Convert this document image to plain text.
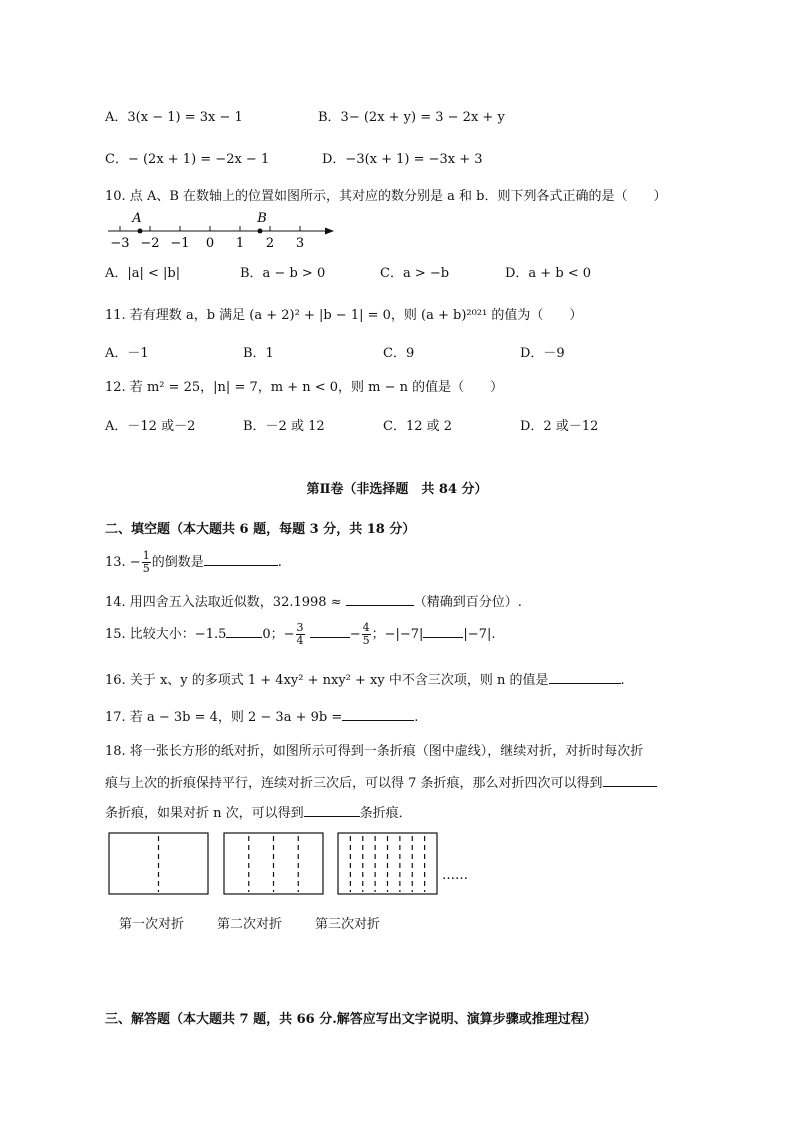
A．3(x − 1) = 3x − 1	B．3− (2x + y) = 3 − 2x + y
C．− (2x + 1) = −2x − 1	D．−3(x + 1) = −3x + 3
10. 点 A、B 在数轴上的位置如图所示，其对应的数分别是 a 和 b．则下列各式正确的是（　　）
−3 −2 −1 0 1 2 3
A	B
A．|a| < |b|	B．a − b > 0	C．a > −b	D．a + b < 0
11. 若有理数 a，b 满足 (a + 2)² + |b − 1| = 0，则 (a + b)²⁰²¹ 的值为（　　）
A．－1	B．1	C．9	D．－9
12. 若 m² = 25，|n| = 7，m + n < 0，则 m − n 的值是（　　）
A．－12 或－2	B．－2 或 12	C．12 或 2	D．2 或－12
第Ⅱ卷（非选择题　共 84 分）
二、填空题（本大题共 6 题，每题 3 分，共 18 分）
13. − $\frac{1}{5}$ 的倒数是	.
14. 用四舍五入法取近似数，32.1998 ≈	（精确到百分位）.
15. 比较大小：−1.5	0；− $\frac{3}{4}$	− $\frac{4}{5}$ ；−|−7|	|−7|.
16. 关于 x、y 的多项式 1 + 4xy² + nxy² + xy 中不含三次项，则 n 的值是	.
17. 若 a − 3b = 4，则 2 − 3a + 9b =	.
18. 将一张长方形的纸对折，如图所示可得到一条折痕（图中虚线），继续对折，对折时每次折
痕与上次的折痕保持平行，连续对折三次后，可以得 7 条折痕，那么对折四次可以得到
条折痕，如果对折 n 次，可以得到	条折痕．
……
第一次对折	第二次对折	第三次对折
三、解答题（本大题共 7 题，共 66 分.解答应写出文字说明、演算步骤或推理过程）
